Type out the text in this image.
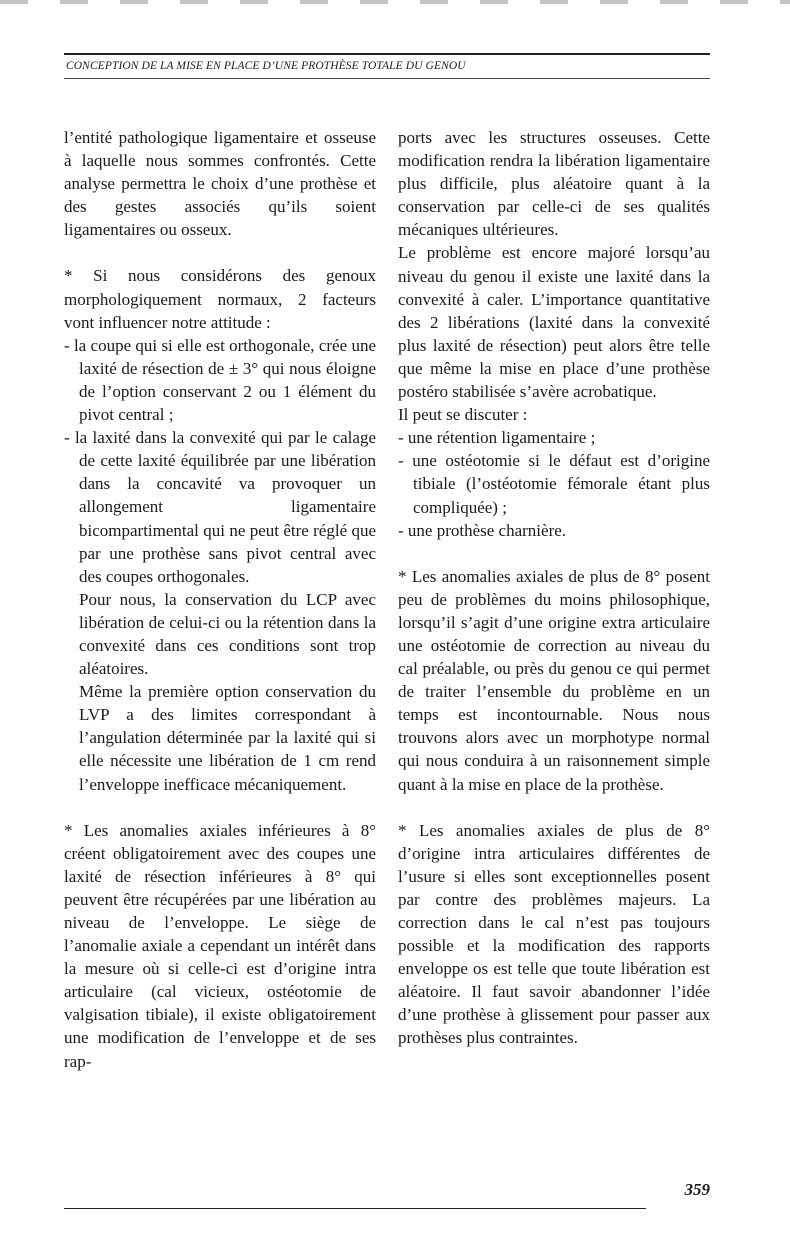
CONCEPTION DE LA MISE EN PLACE D’UNE PROTHÈSE TOTALE DU GENOU

l’entité pathologique ligamentaire et osseuse à laquelle nous sommes confrontés. Cette analyse permettra le choix d’une prothèse et des gestes associés qu’ils soient ligamentaires ou osseux.

* Si nous considérons des genoux morphologiquement normaux, 2 facteurs vont influencer notre attitude :

- la coupe qui si elle est orthogonale, crée une laxité de résection de ± 3° qui nous éloigne de l’option conservant 2 ou 1 élément du pivot central ;

- la laxité dans la convexité qui par le calage de cette laxité équilibrée par une libération dans la concavité va provoquer un allongement ligamentaire bicompartimental qui ne peut être réglé que par une prothèse sans pivot central avec des coupes orthogonales.

Pour nous, la conservation du LCP avec libération de celui-ci ou la rétention dans la convexité dans ces conditions sont trop aléatoires.

Même la première option conservation du LVP a des limites correspondant à l’angulation déterminée par la laxité qui si elle nécessite une libération de 1 cm rend l’enveloppe inefficace mécaniquement.

* Les anomalies axiales inférieures à 8° créent obligatoirement avec des coupes une laxité de résection inférieures à 8° qui peuvent être récupérées par une libération au niveau de l’enveloppe. Le siège de l’anomalie axiale a cependant un intérêt dans la mesure où si celle-ci est d’origine intra articulaire (cal vicieux, ostéotomie de valgisation tibiale), il existe obligatoirement une modification de l’enveloppe et de ses rap-

ports avec les structures osseuses. Cette modification rendra la libération ligamentaire plus difficile, plus aléatoire quant à la conservation par celle-ci de ses qualités mécaniques ultérieures.

Le problème est encore majoré lorsqu’au niveau du genou il existe une laxité dans la convexité à caler. L’importance quantitative des 2 libérations (laxité dans la convexité plus laxité de résection) peut alors être telle que même la mise en place d’une prothèse postéro stabilisée s’avère acrobatique.

Il peut se discuter :

- une rétention ligamentaire ;

- une ostéotomie si le défaut est d’origine tibiale (l’ostéotomie fémorale étant plus compliquée) ;

- une prothèse charnière.

* Les anomalies axiales de plus de 8° posent peu de problèmes du moins philosophique, lorsqu’il s’agit d’une origine extra articulaire une ostéotomie de correction au niveau du cal préalable, ou près du genou ce qui permet de traiter l’ensemble du problème en un temps est incontournable. Nous nous trouvons alors avec un morphotype normal qui nous conduira à un raisonnement simple quant à la mise en place de la prothèse.

* Les anomalies axiales de plus de 8° d’origine intra articulaires différentes de l’usure si elles sont exceptionnelles posent par contre des problèmes majeurs. La correction dans le cal n’est pas toujours possible et la modification des rapports enveloppe os est telle que toute libération est aléatoire. Il faut savoir abandonner l’idée d’une prothèse à glissement pour passer aux prothèses plus contraintes.

359
